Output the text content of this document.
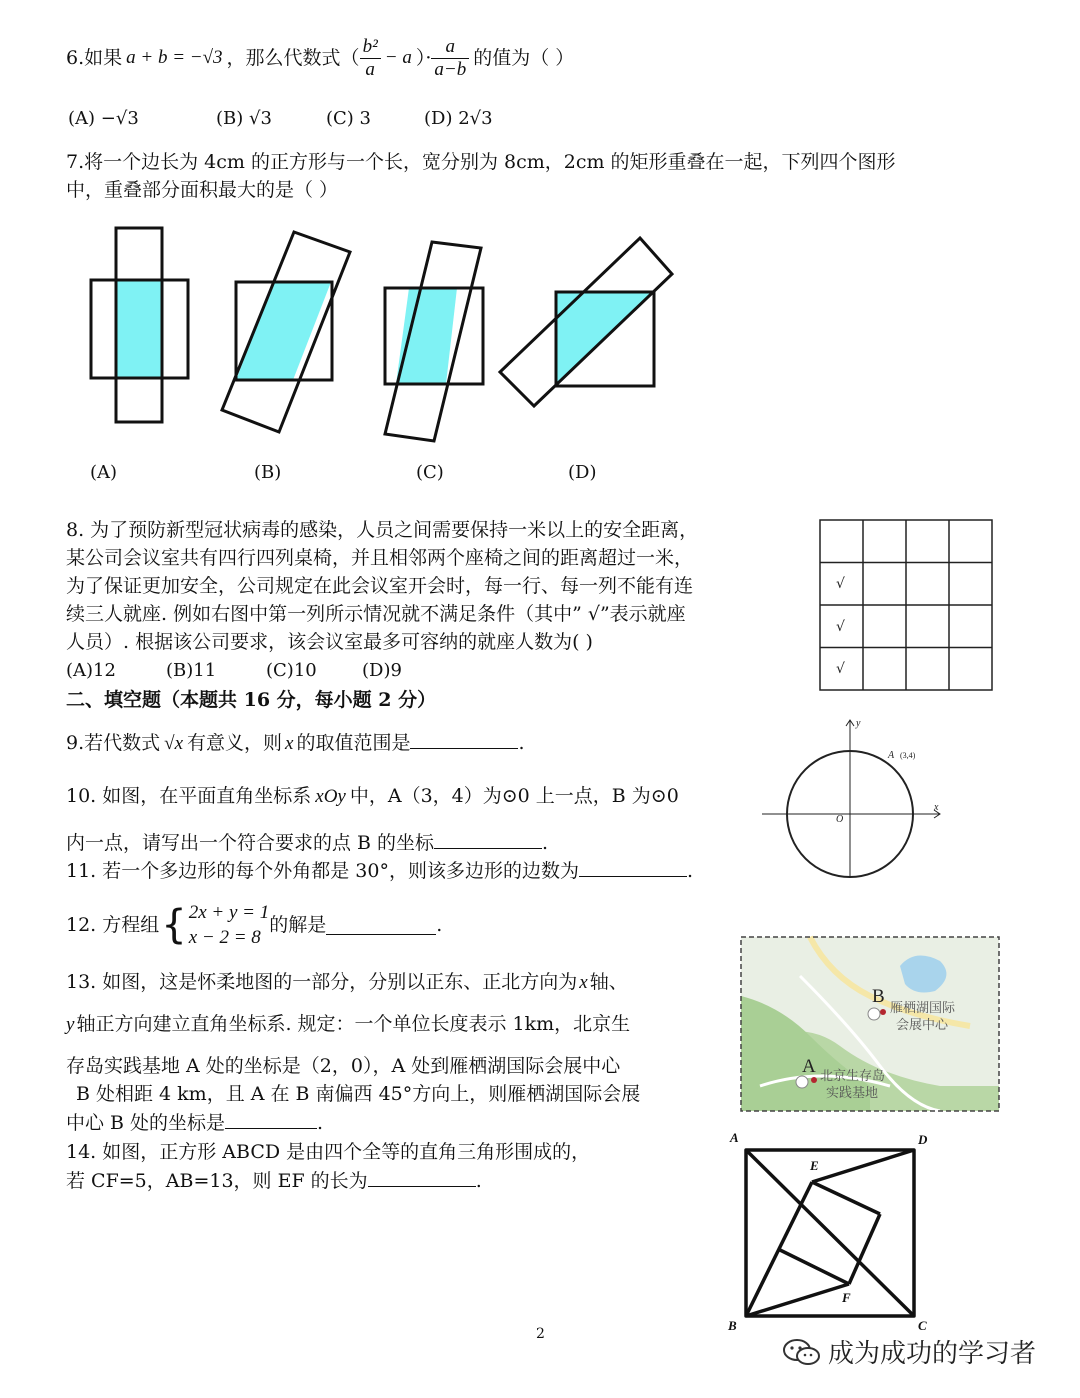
6.如果 a + b = −√3 ，那么代数式（ $\frac{\text{b²}}{a} - a$ ）· $\frac{a}{a-b}$ 的值为（ ）
(A) −√3	(B) √3	(C) 3	(D) 2√3
7.将一个边长为 4cm 的正方形与一个长，宽分别为 8cm，2cm 的矩形重叠在一起，下列四个图形
中，重叠部分面积最大的是（ ）
(A)	(B)	(C)	(D)
8. 为了预防新型冠状病毒的感染，人员之间需要保持一米以上的安全距离，
某公司会议室共有四行四列桌椅，并且相邻两个座椅之间的距离超过一米，
为了保证更加安全，公司规定在此会议室开会时，每一行、每一列不能有连
续三人就座. 例如右图中第一列所示情况就不满足条件（其中” √”表示就座
人员）. 根据该公司要求，该会议室最多可容纳的就座人数为( )
(A)12	(B)11	(C)10	(D)9
√
√
√
二、填空题（本题共 16 分，每小题 2 分）
9.若代数式 √x 有意义，则 x 的取值范围是	.
10. 如图，在平面直角坐标系 xOy 中，A（3，4）为⊙0 上一点，B 为⊙0
内一点，请写出一个符合要求的点 B 的坐标	.
y
x
O
A (3,4)
11. 若一个多边形的每个外角都是 30°，则该多边形的边数为	.
12. 方程组 { 2x + y = 1
x − 2 = 8
的解是	.
13. 如图，这是怀柔地图的一部分，分别以正东、正北方向为 x 轴、
y 轴正方向建立直角坐标系. 规定：一个单位长度表示 1km，北京生
存岛实践基地 A 处的坐标是（2，0），A 处到雁栖湖国际会展中心
B 处相距 4 km，且 A 在 B 南偏西 45°方向上，则雁栖湖国际会展
中心 B 处的坐标是	.
B
雁栖湖国际
会展中心
A 北京生存岛
实践基地
14. 如图，正方形 ABCD 是由四个全等的直角三角形围成的，
若 CF=5，AB=13，则 EF 的长为	.
A	D
B	C
E
F
2
成为成功的学习者
